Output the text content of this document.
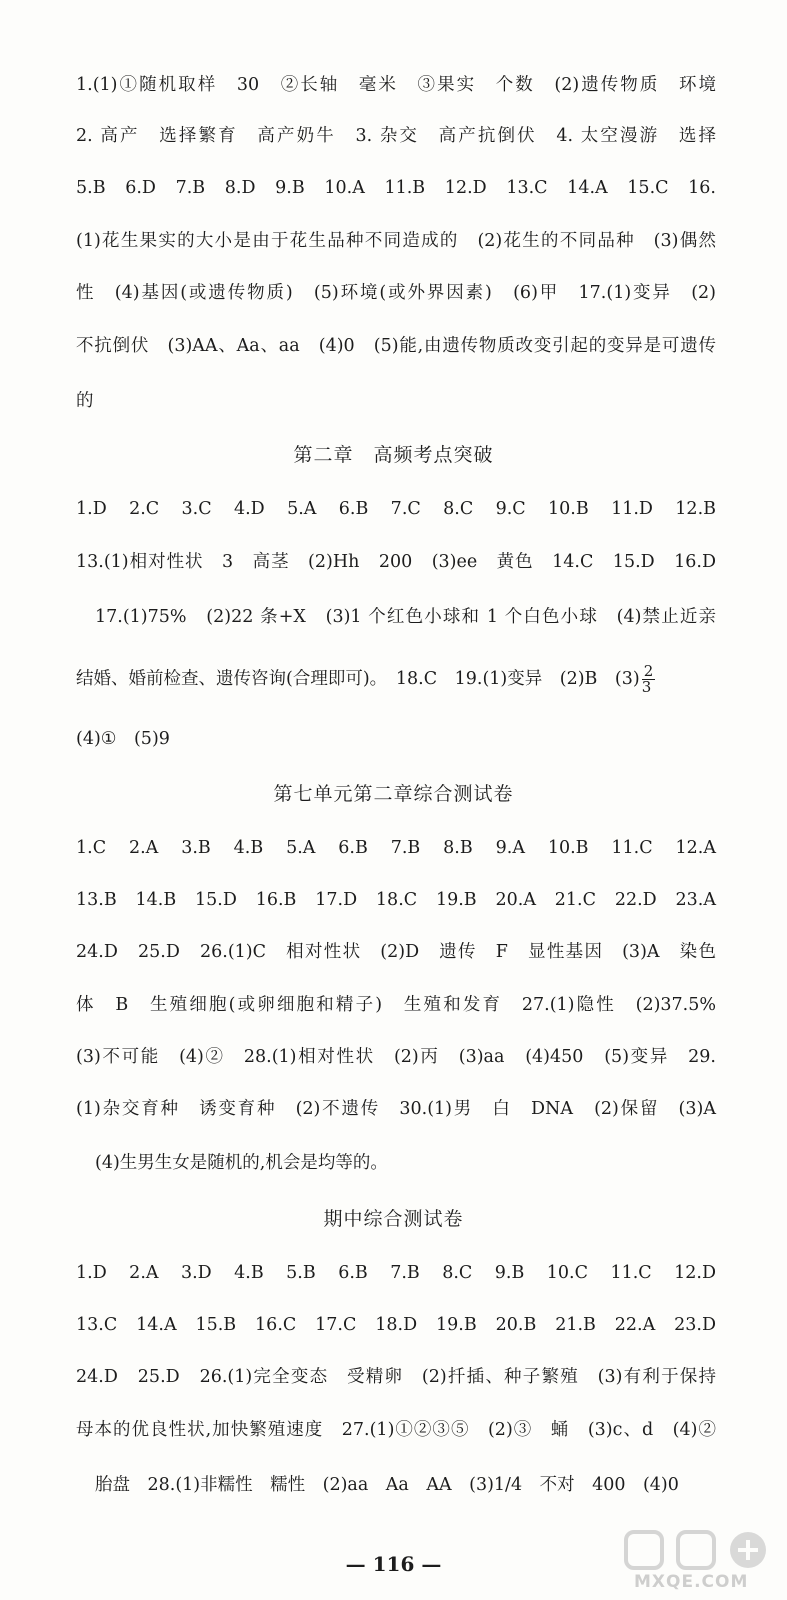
1.(1)①随机取样　30　②长轴　毫米　③果实　个数　(2)遗传物质　环境
2. 高产　选择繁育　高产奶牛　3. 杂交　高产抗倒伏　4. 太空漫游　选择
5.B　6.D　7.B　8.D　9.B　10.A　11.B　12.D　13.C　14.A　15.C　16.
(1)花生果实的大小是由于花生品种不同造成的　(2)花生的不同品种　(3)偶然
性　(4)基因(或遗传物质)　(5)环境(或外界因素)　(6)甲　17.(1)变异　(2)
不抗倒伏　(3)AA、Aa、aa　(4)0　(5)能,由遗传物质改变引起的变异是可遗传
的
第二章　高频考点突破
1.D　2.C　3.C　4.D　5.A　6.B　7.C　8.C　9.C　10.B　11.D　12.B
13.(1)相对性状　3　高茎　(2)Hh　200　(3)ee　黄色　14.C　15.D　16.D
17.(1)75%　(2)22 条+X　(3)1 个红色小球和 1 个白色小球　(4)禁止近亲
结婚、婚前检查、遗传咨询(合理即可)。　18.C　19.(1)变异　(2)B　$(3) \frac{2}{3}$
(4)①　(5)9
第七单元第二章综合测试卷
1.C　2.A　3.B　4.B　5.A　6.B　7.B　8.B　9.A　10.B　11.C　12.A
13.B　14.B　15.D　16.B　17.D　18.C　19.B　20.A　21.C　22.D　23.A
24.D　25.D　26.(1)C　相对性状　(2)D　遗传　F　显性基因　(3)A　染色
体　B　生殖细胞(或卵细胞和精子)　生殖和发育　27.(1)隐性　(2)37.5%
(3)不可能　(4)②　28.(1)相对性状　(2)丙　(3)aa　(4)450　(5)变异　29.
(1)杂交育种　诱变育种　(2)不遗传　30.(1)男　白　DNA　(2)保留　(3)A
(4)生男生女是随机的,机会是均等的。
期中综合测试卷
1.D　2.A　3.D　4.B　5.B　6.B　7.B　8.C　9.B　10.C　11.C　12.D
13.C　14.A　15.B　16.C　17.C　18.D　19.B　20.B　21.B　22.A　23.D
24.D　25.D　26.(1)完全变态　受精卵　(2)扦插、种子繁殖　(3)有利于保持
母本的优良性状,加快繁殖速度　27.(1)①②③⑤　(2)③　蛹　(3)c、d　(4)②
胎盘　28.(1)非糯性　糯性　(2)aa　Aa　AA　(3)1/4　不对　400　(4)0
— 116 —
MXQE.COM
